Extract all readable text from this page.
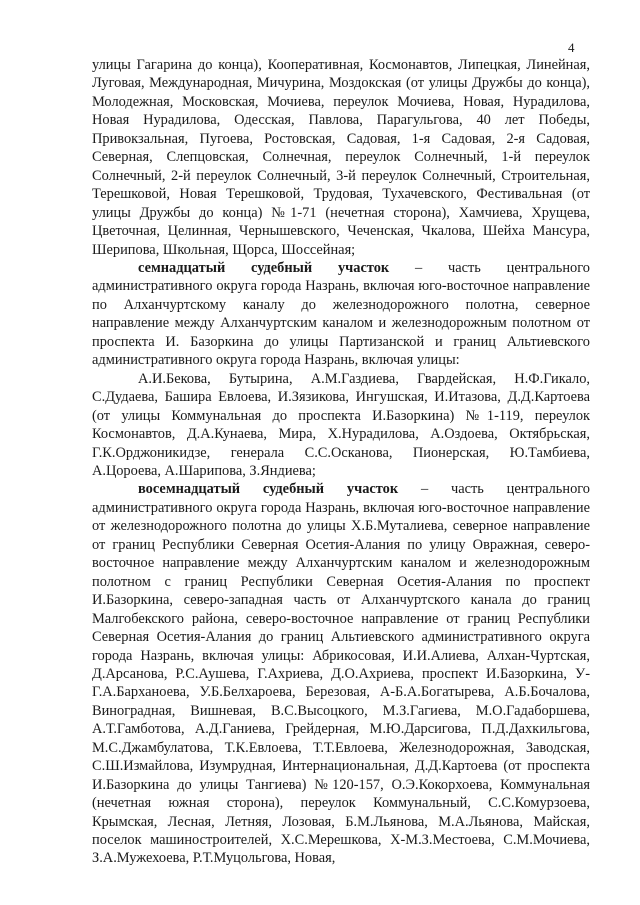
4

улицы Гагарина до конца), Кооперативная, Космонавтов, Липецкая, Линейная, Луговая, Международная, Мичурина, Моздокская (от улицы Дружбы до конца), Молодежная, Московская, Мочиева, переулок Мочиева, Новая, Нурадилова, Новая Нурадилова, Одесская, Павлова, Парагульгова, 40 лет Победы, Привокзальная, Пугоева, Ростовская, Садовая, 1-я Садовая, 2-я Садовая, Северная, Слепцовская, Солнечная, переулок Солнечный, 1-й переулок Солнечный, 2-й переулок Солнечный, 3-й переулок Солнечный, Строительная, Терешковой, Новая Терешковой, Трудовая, Тухачевского, Фестивальная (от улицы Дружбы до конца) №1-71 (нечетная сторона), Хамчиева, Хрущева, Цветочная, Целинная, Чернышевского, Чеченская, Чкалова, Шейха Мансура, Шерипова, Школьная, Щорса, Шоссейная;

семнадцатый судебный участок – часть центрального административного округа города Назрань, включая юго-восточное направление по Алханчуртскому каналу до железнодорожного полотна, северное направление между Алханчуртским каналом и железнодорожным полотном от проспекта И. Базоркина до улицы Партизанской и границ Альтиевского административного округа города Назрань, включая улицы:

А.И.Бекова, Бутырина, А.М.Газдиева, Гвардейская, Н.Ф.Гикало, С.Дудаева, Башира Евлоева, И.Зязикова, Ингушская, И.Итазова, Д.Д.Картоева (от улицы Коммунальная до проспекта И.Базоркина) №1-119, переулок Космонавтов, Д.А.Кунаева, Мира, Х.Нурадилова, А.Оздоева, Октябрьская, Г.К.Орджоникидзе, генерала С.С.Осканова, Пионерская, Ю.Тамбиева, А.Цороева, А.Шарипова, З.Яндиева;

восемнадцатый судебный участок – часть центрального административного округа города Назрань, включая юго-восточное направление от железнодорожного полотна до улицы Х.Б.Муталиева, северное направление от границ Республики Северная Осетия-Алания по улицу Овражная, северо-восточное направление между Алханчуртским каналом и железнодорожным полотном с границ Республики Северная Осетия-Алания по проспект И.Базоркина, северо-западная часть от Алханчуртского канала до границ Малгобекского района, северо-восточное направление от границ Республики Северная Осетия-Алания до границ Альтиевского административного округа города Назрань, включая улицы: Абрикосовая, И.И.Алиева, Алхан-Чуртская, Д.Арсанова, Р.С.Аушева, Г.Ахриева, Д.О.Ахриева, проспект И.Базоркина, У-Г.А.Барханоева, У.Б.Белхароева, Березовая, А-Б.А.Богатырева, А.Б.Бочалова, Виноградная, Вишневая, В.С.Высоцкого, М.З.Гагиева, М.О.Гадаборшева, А.Т.Гамботова, А.Д.Ганиева, Грейдерная, М.Ю.Дарсигова, П.Д.Дахкильгова, М.С.Джамбулатова, Т.К.Евлоева, Т.Т.Евлоева, Железнодорожная, Заводская, С.Ш.Измайлова, Изумрудная, Интернациональная, Д.Д.Картоева (от проспекта И.Базоркина до улицы Тангиева) №120-157, О.Э.Кокорхоева, Коммунальная (нечетная южная сторона), переулок Коммунальный, С.С.Комурзоева, Крымская, Лесная, Летняя, Лозовая, Б.М.Льянова, М.А.Льянова, Майская, поселок машиностроителей, Х.С.Мерешкова, Х-М.З.Местоева, С.М.Мочиева, З.А.Мужехоева, Р.Т.Муцольгова, Новая,
